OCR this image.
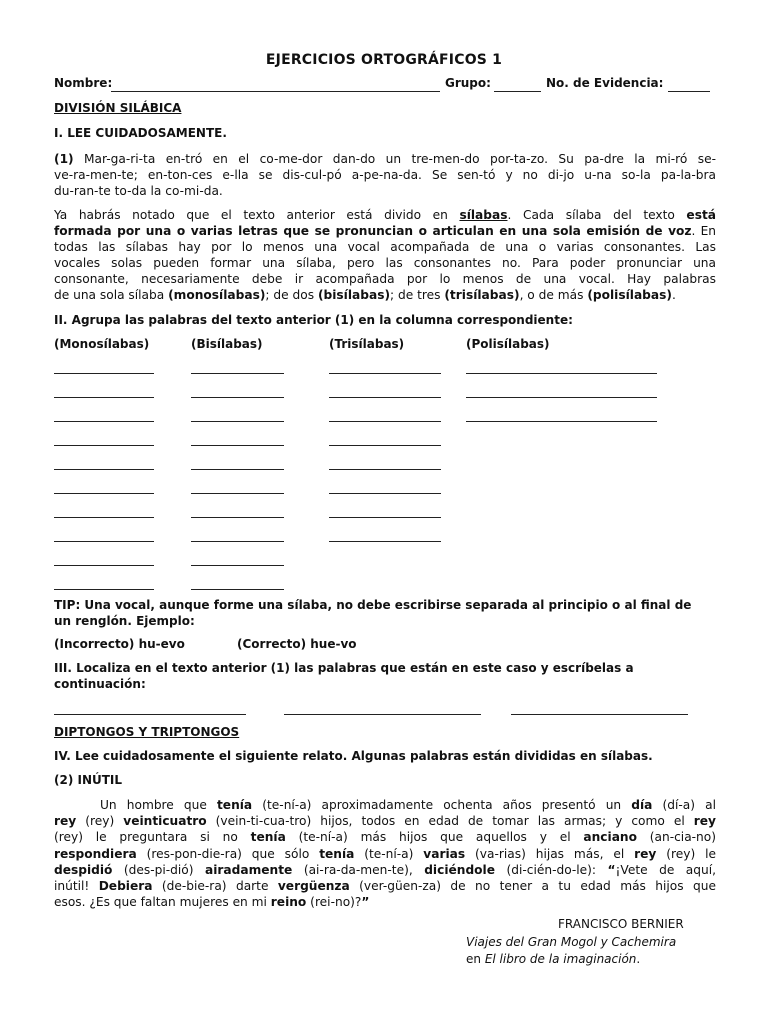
EJERCICIOS ORTOGRÁFICOS 1
Nombre:	Grupo:	No. de Evidencia:
DIVISIÓN SILÁBICA
I. LEE CUIDADOSAMENTE.
(1) Mar-ga-ri-ta en-tró en el co-me-dor dan-do un tre-men-do por-ta-zo. Su pa-dre la mi-ró se-
ve-ra-men-te; en-ton-ces e-lla se dis-cul-pó a-pe-na-da. Se sen-tó y no di-jo u-na so-la pa-la-bra
du-ran-te to-da la co-mi-da.
Ya habrás notado que el texto anterior está divido en sílabas. Cada sílaba del texto está
formada por una o varias letras que se pronuncian o articulan en una sola emisión de voz. En
todas las sílabas hay por lo menos una vocal acompañada de una o varias consonantes. Las
vocales solas pueden formar una sílaba, pero las consonantes no. Para poder pronunciar una
consonante, necesariamente debe ir acompañada por lo menos de una vocal. Hay palabras
de una sola sílaba (monosílabas); de dos (bisílabas); de tres (trisílabas), o de más (polisílabas).
II. Agrupa las palabras del texto anterior (1) en la columna correspondiente:
(Monosílabas)	(Bisílabas)	(Trisílabas)	(Polisílabas)
TIP: Una vocal, aunque forme una sílaba, no debe escribirse separada al principio o al final de
un renglón. Ejemplo:
(Incorrecto) hu-evo	(Correcto) hue-vo
III. Localiza en el texto anterior (1) las palabras que están en este caso y escríbelas a
continuación:
DIPTONGOS Y TRIPTONGOS
IV. Lee cuidadosamente el siguiente relato. Algunas palabras están divididas en sílabas.
(2) INÚTIL
Un hombre que tenía (te-ní-a) aproximadamente ochenta años presentó un día (dí-a) al
rey (rey) veinticuatro (vein-ti-cua-tro) hijos, todos en edad de tomar las armas; y como el rey
(rey) le preguntara si no tenía (te-ní-a) más hijos que aquellos y el anciano (an-cia-no)
respondiera (res-pon-die-ra) que sólo tenía (te-ní-a) varias (va-rias) hijas más, el rey (rey) le
despidió (des-pi-dió) airadamente (ai-ra-da-men-te), diciéndole (di-cién-do-le): “¡Vete de aquí,
inútil! Debiera (de-bie-ra) darte vergüenza (ver-güen-za) de no tener a tu edad más hijos que
esos. ¿Es que faltan mujeres en mi reino (rei-no)?”
FRANCISCO BERNIER
Viajes del Gran Mogol y Cachemira
en El libro de la imaginación.
